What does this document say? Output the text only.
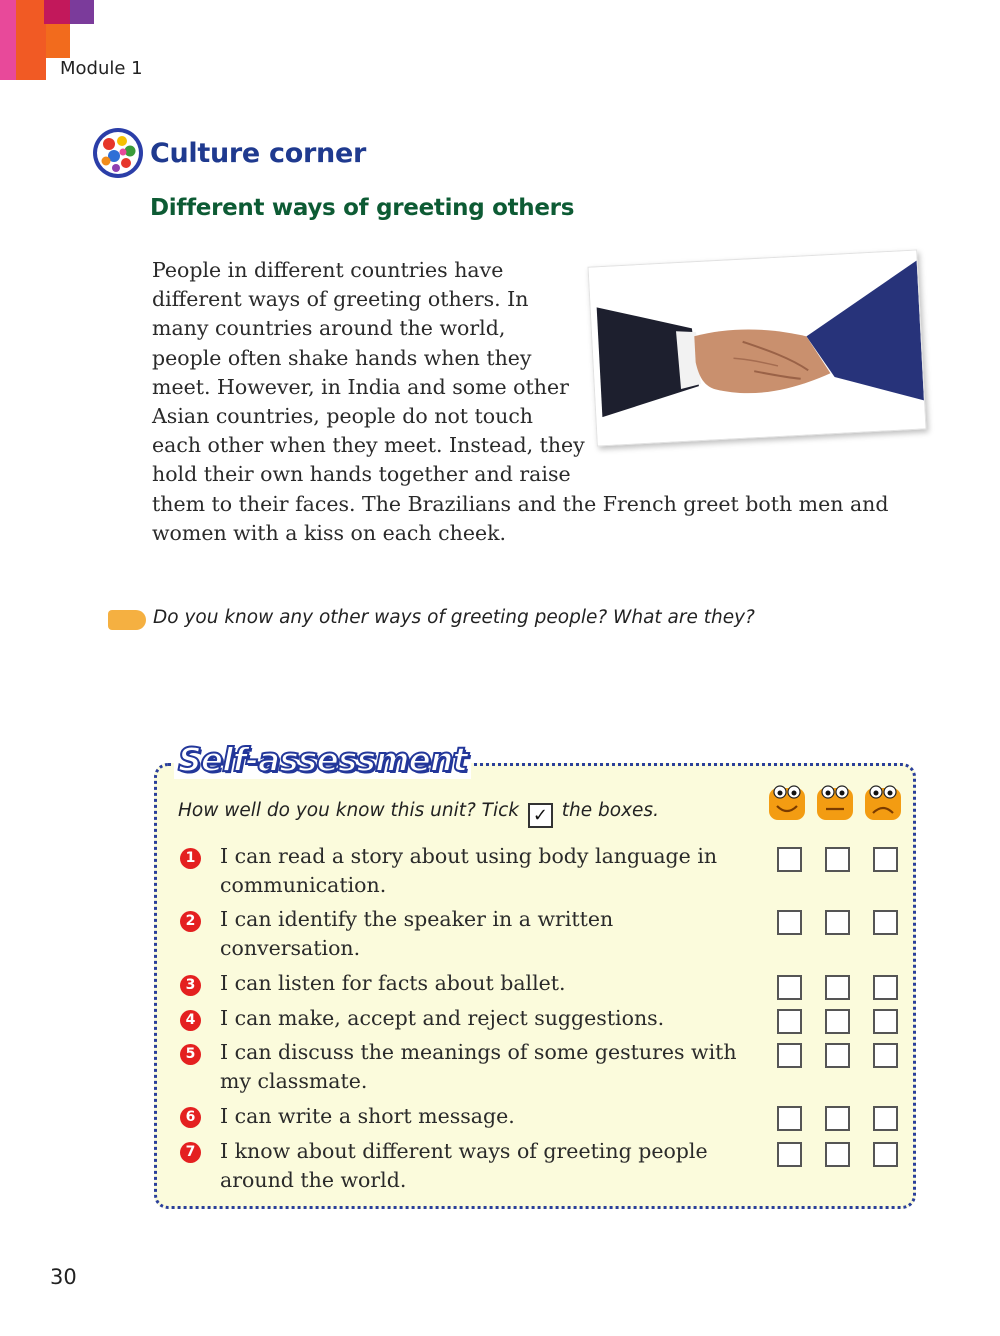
Module 1
Culture corner
Different ways of greeting others
People in different countries have
different ways of greeting others. In
many countries around the world,
people often shake hands when they
meet. However, in India and some other
Asian countries, people do not touch
each other when they meet. Instead, they
hold their own hands together and raise
them to their faces. The Brazilians and the French greet both men and
women with a kiss on each cheek.
Do you know any other ways of greeting people? What are they?
Self-assessment
How well do you know this unit? Tick ✓ the boxes.
1 I can read a story about using body language in
communication.
2 I can identify the speaker in a written
conversation.
3 I can listen for facts about ballet.
4 I can make, accept and reject suggestions.
5 I can discuss the meanings of some gestures with
my classmate.
6 I can write a short message.
7 I know about different ways of greeting people
around the world.
30
